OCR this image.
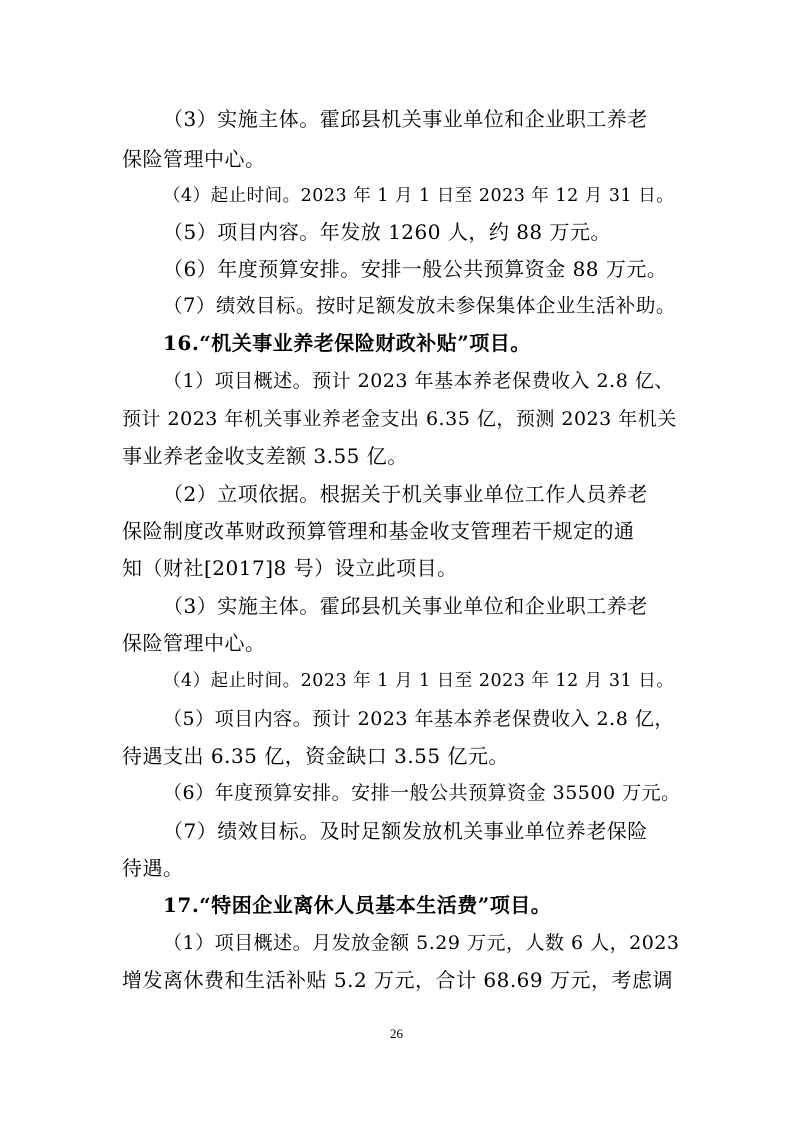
（3）实施主体。霍邱县机关事业单位和企业职工养老
保险管理中心。
（4）起止时间。2023 年 1 月 1 日至 2023 年 12 月 31 日。
（5）项目内容。年发放 1260 人，约 88 万元。
（6）年度预算安排。安排一般公共预算资金 88 万元。
（7）绩效目标。按时足额发放未参保集体企业生活补助。
16.“机关事业养老保险财政补贴”项目。
（1）项目概述。预计 2023 年基本养老保费收入 2.8 亿、
预计 2023 年机关事业养老金支出 6.35 亿，预测 2023 年机关
事业养老金收支差额 3.55 亿。
（2）立项依据。根据关于机关事业单位工作人员养老
保险制度改革财政预算管理和基金收支管理若干规定的通
知（财社[2017]8 号）设立此项目。
（3）实施主体。霍邱县机关事业单位和企业职工养老
保险管理中心。
（4）起止时间。2023 年 1 月 1 日至 2023 年 12 月 31 日。
（5）项目内容。预计 2023 年基本养老保费收入 2.8 亿，
待遇支出 6.35 亿，资金缺口 3.55 亿元。
（6）年度预算安排。安排一般公共预算资金 35500 万元。
（7）绩效目标。及时足额发放机关事业单位养老保险
待遇。
17.“特困企业离休人员基本生活费”项目。
（1）项目概述。月发放金额 5.29 万元，人数 6 人，2023
增发离休费和生活补贴 5.2 万元，合计 68.69 万元，考虑调
26
